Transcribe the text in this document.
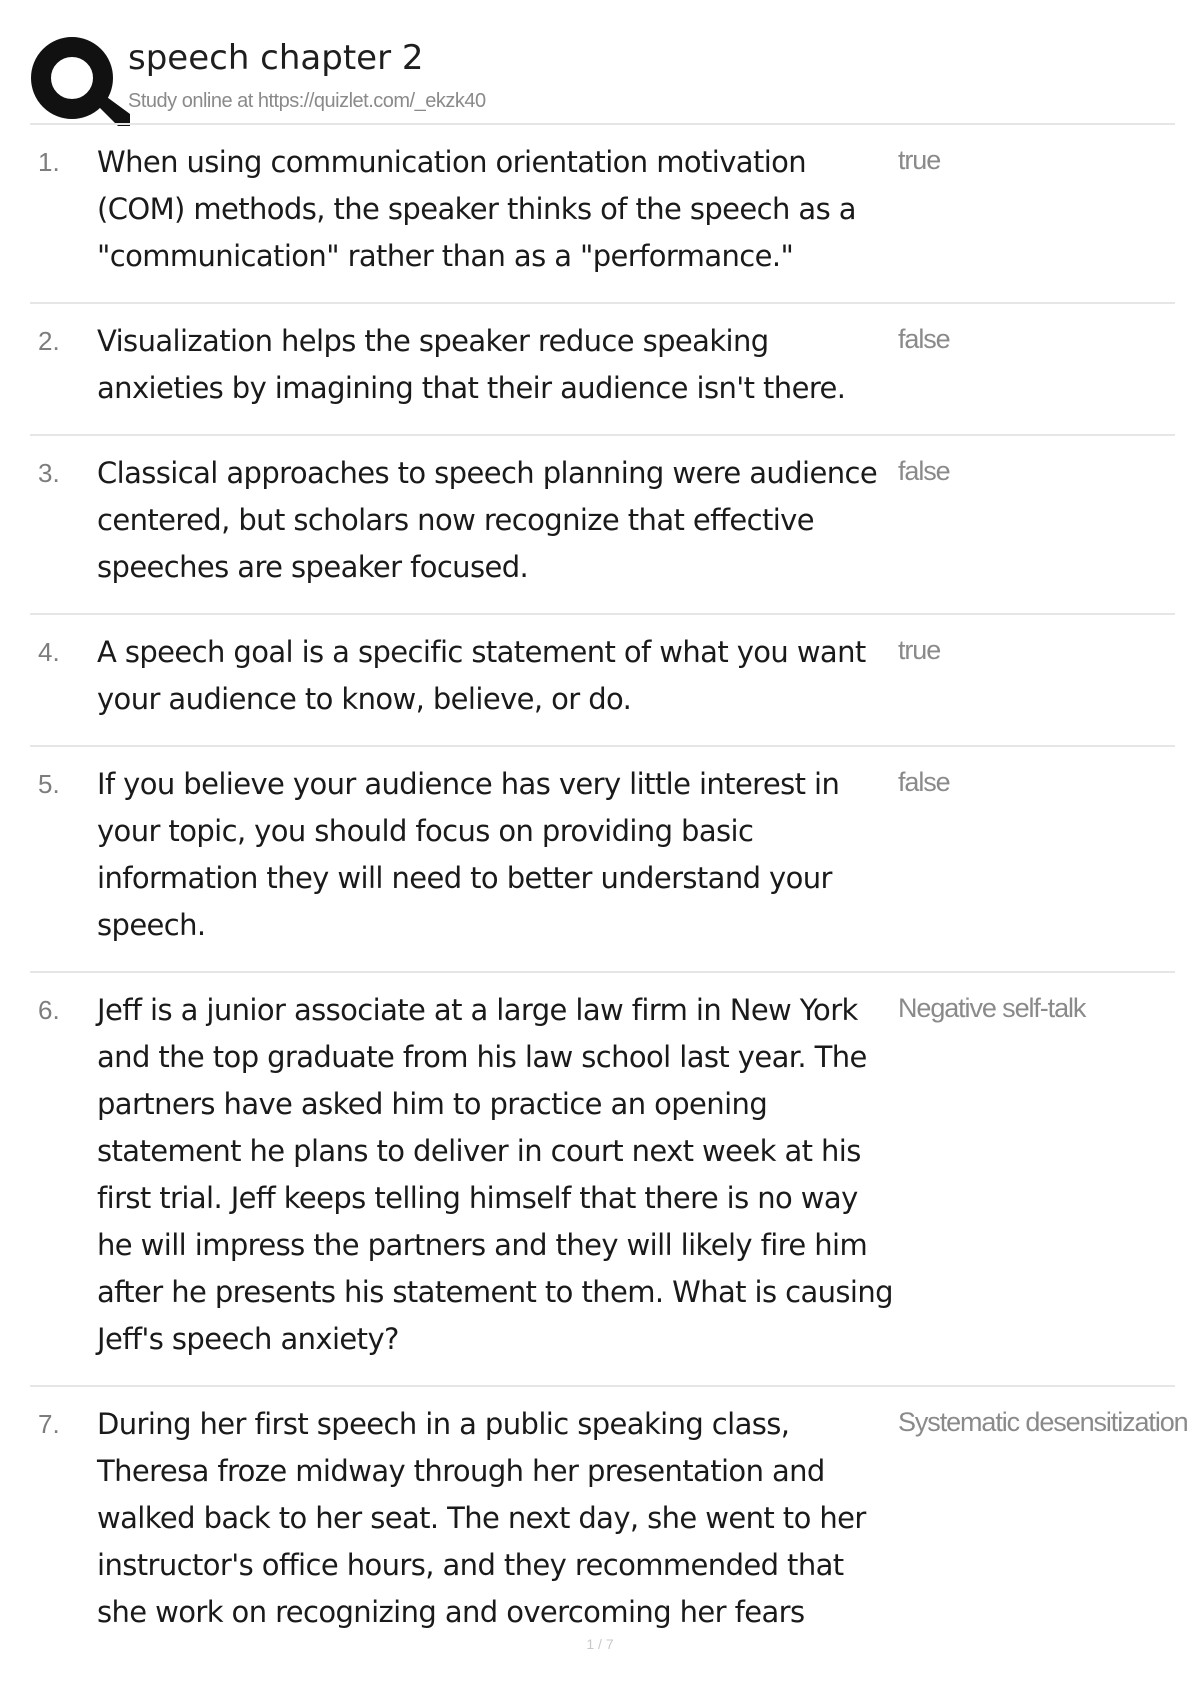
speech chapter 2
Study online at https://quizlet.com/_ekzk40
1. When using communication orientation motivation (COM) methods, the speaker thinks of the speech as a "communication" rather than as a "performance."
true
2. Visualization helps the speaker reduce speaking anxieties by imagining that their audience isn't there.
false
3. Classical approaches to speech planning were audience centered, but scholars now recognize that effective speeches are speaker focused.
false
4. A speech goal is a specific statement of what you want your audience to know, believe, or do.
true
5. If you believe your audience has very little interest in your topic, you should focus on providing basic information they will need to better understand your speech.
false
6. Jeff is a junior associate at a large law firm in New York and the top graduate from his law school last year. The partners have asked him to practice an opening statement he plans to deliver in court next week at his first trial. Jeff keeps telling himself that there is no way he will impress the partners and they will likely fire him after he presents his statement to them. What is causing Jeff's speech anxiety?
Negative self-talk
7. During her first speech in a public speaking class, Theresa froze midway through her presentation and walked back to her seat. The next day, she went to her instructor's office hours, and they recommended that she work on recognizing and overcoming her fears
Systematic desensitization
1 / 7
